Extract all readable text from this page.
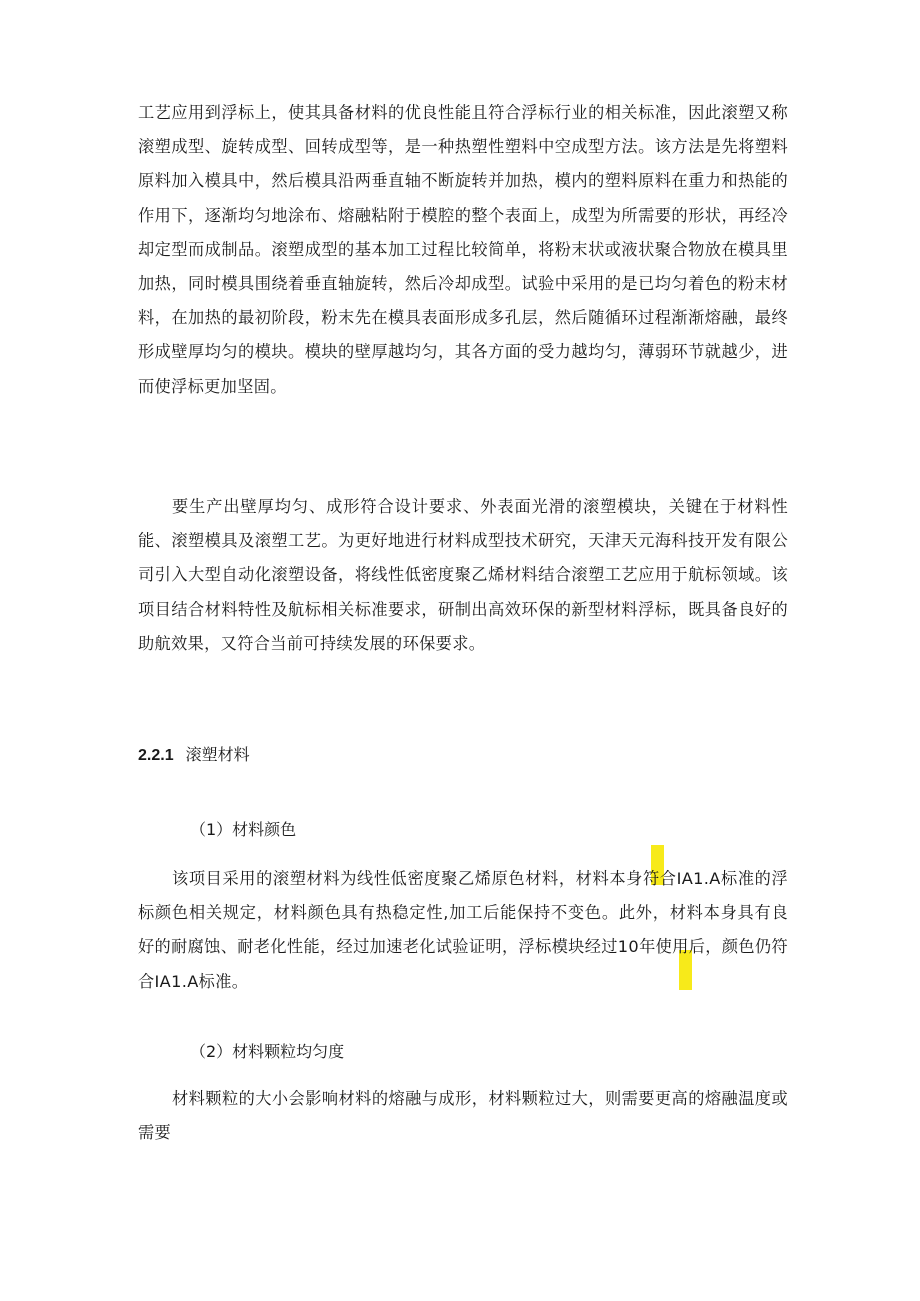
工艺应用到浮标上，使其具备材料的优良性能且符合浮标行业的相关标准，因此滚塑又称滚塑成型、旋转成型、回转成型等，是一种热塑性塑料中空成型方法。该方法是先将塑料原料加入模具中，然后模具沿两垂直轴不断旋转并加热，模内的塑料原料在重力和热能的作用下，逐渐均匀地涂布、熔融粘附于模腔的整个表面上，成型为所需要的形状，再经冷却定型而成制品。滚塑成型的基本加工过程比较简单，将粉末状或液状聚合物放在模具里加热，同时模具围绕着垂直轴旋转，然后冷却成型。试验中采用的是已均匀着色的粉末材料，在加热的最初阶段，粉末先在模具表面形成多孔层，然后随循环过程渐渐熔融，最终形成壁厚均匀的模块。模块的壁厚越均匀，其各方面的受力越均匀，薄弱环节就越少，进而使浮标更加坚固。

要生产出壁厚均匀、成形符合设计要求、外表面光滑的滚塑模块，关键在于材料性能、滚塑模具及滚塑工艺。为更好地进行材料成型技术研究，天津天元海科技开发有限公司引入大型自动化滚塑设备，将线性低密度聚乙烯材料结合滚塑工艺应用于航标领域。该项目结合材料特性及航标相关标准要求，研制出高效环保的新型材料浮标，既具备良好的助航效果，又符合当前可持续发展的环保要求。

2.2.1 滚塑材料
（1）材料颜色

该项目采用的滚塑材料为线性低密度聚乙烯原色材料，材料本身符合IA1.A标准的浮标颜色相关规定，材料颜色具有热稳定性,加工后能保持不变色。此外，材料本身具有良好的耐腐蚀、耐老化性能，经过加速老化试验证明，浮标模块经过10年使用后，颜色仍符合IA1.A标准。

（2）材料颗粒均匀度

材料颗粒的大小会影响材料的熔融与成形，材料颗粒过大，则需要更高的熔融温度或需要
